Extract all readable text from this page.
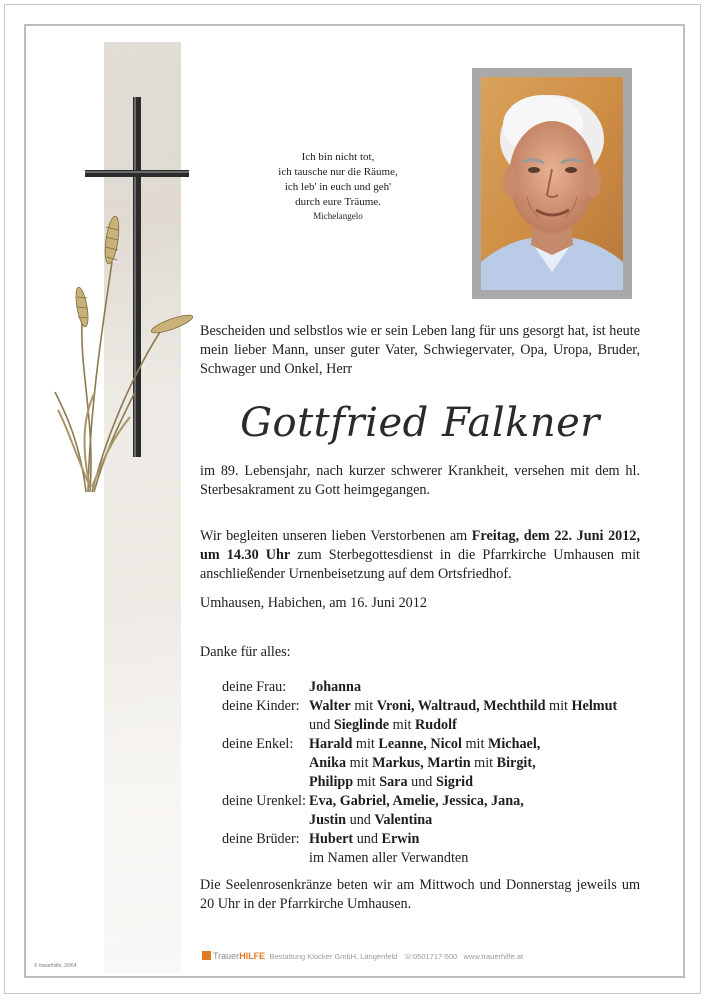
Ich bin nicht tot,
ich tausche nur die Räume,
ich leb' in euch und geh'
durch eure Träume.
Michelangelo

Bescheiden und selbstlos wie er sein Leben lang für uns gesorgt hat, ist heute mein lieber Mann, unser guter Vater, Schwiegervater, Opa, Uropa, Bruder, Schwager und Onkel, Herr

Gottfried Falkner

im 89. Lebensjahr, nach kurzer schwerer Krankheit, versehen mit dem hl. Sterbesakrament zu Gott heimgegangen.

Wir begleiten unseren lieben Verstorbenen am Freitag, dem 22. Juni 2012, um 14.30 Uhr zum Sterbegottesdienst in die Pfarrkirche Umhausen mit anschließender Urnenbeisetzung auf dem Ortsfriedhof.

Umhausen, Habichen, am 16. Juni 2012

Danke für alles:

deine Frau: Johanna
deine Kinder: Walter mit Vroni, Waltraud, Mechthild mit Helmut
und Sieglinde mit Rudolf
deine Enkel: Harald mit Leanne, Nicol mit Michael,
Anika mit Markus, Martin mit Birgit,
Philipp mit Sara und Sigrid
deine Urenkel: Eva, Gabriel, Amelie, Jessica, Jana,
Justin und Valentina
deine Brüder: Hubert und Erwin
im Namen aller Verwandten

Die Seelenrosenkränze beten wir am Mittwoch und Donnerstag jeweils um 20 Uhr in der Pfarrkirche Umhausen.

TrauerHILFE Bestattung Klocker GmbH, Längenfeld ☏0501717-500 www.trauerhilfe.at
© trauerhilfe, 30/64
